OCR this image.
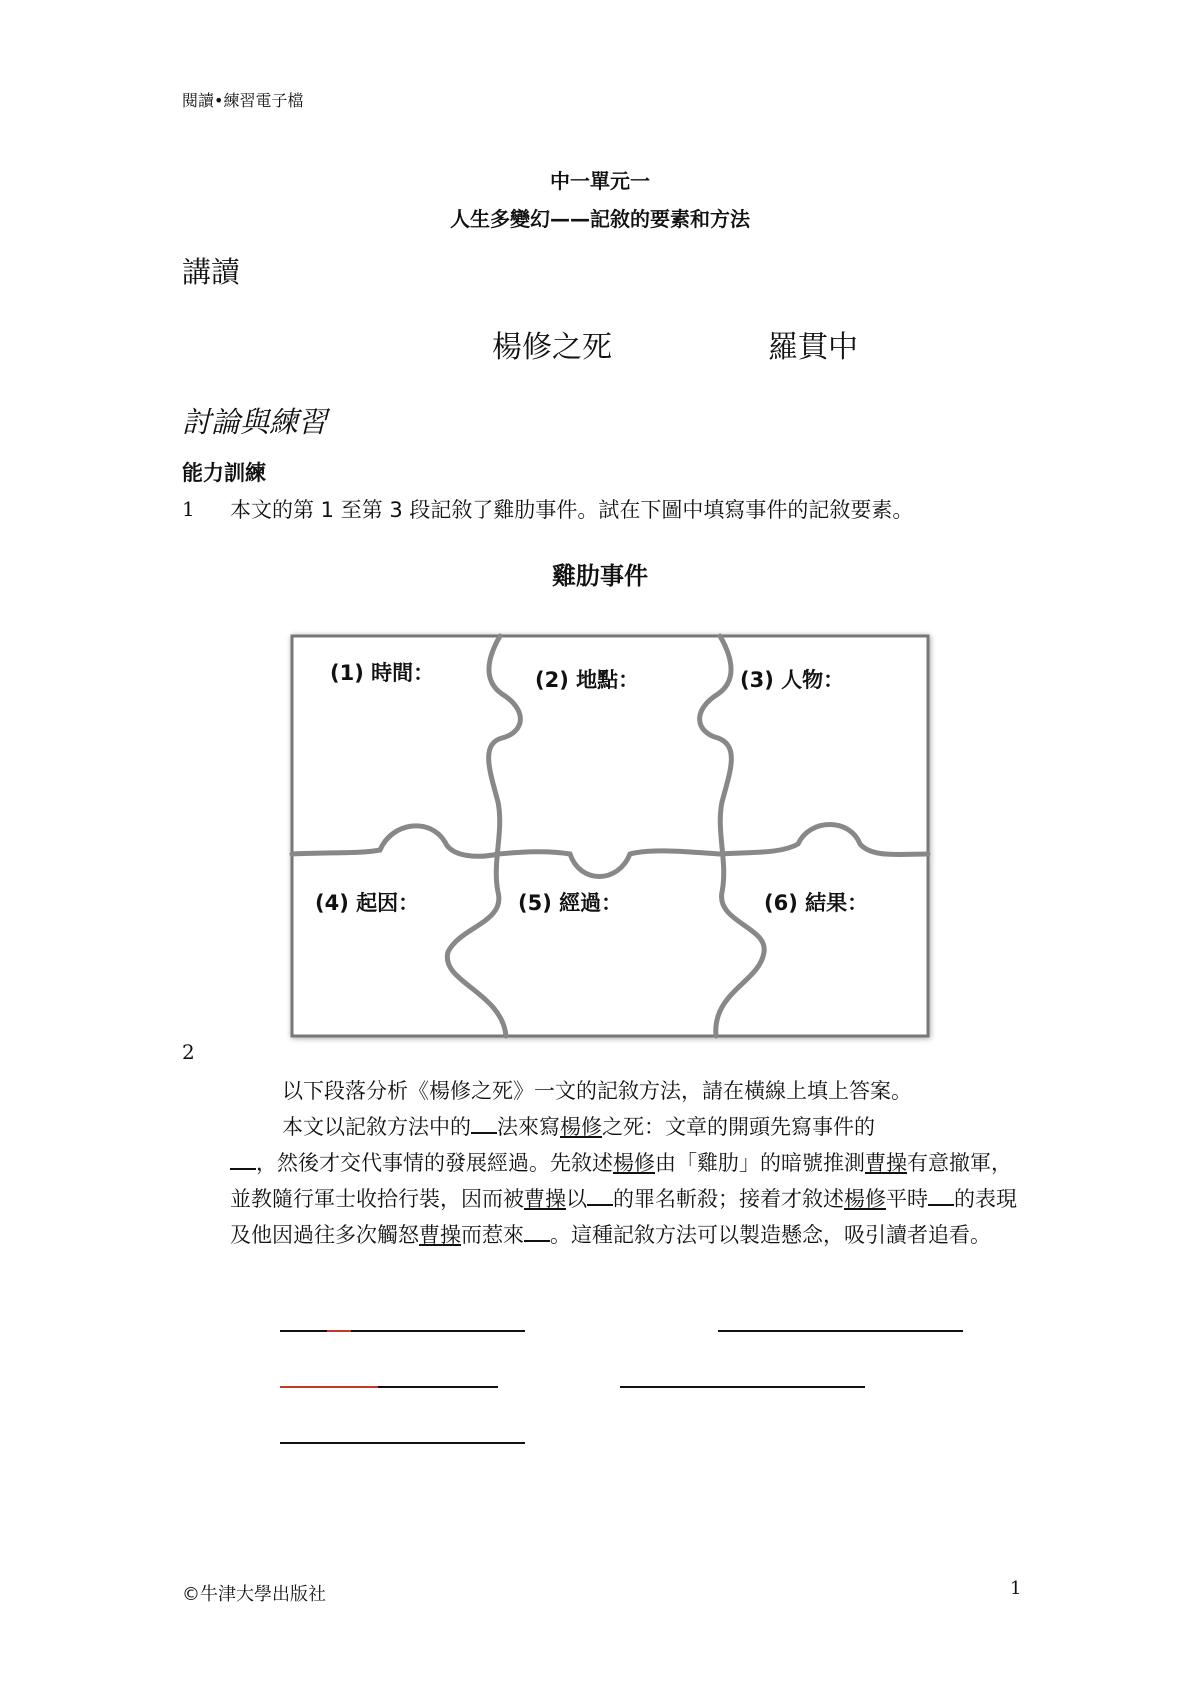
閱讀•練習電子檔
中一單元一
人生多變幻——記敘的要素和方法
講讀
楊修之死	羅貫中
討論與練習
能力訓練
1 本文的第 1 至第 3 段記敘了雞肋事件。試在下圖中填寫事件的記敘要素。
雞肋事件
(1) 時間：	(2) 地點：	(3) 人物：
(4) 起因：	(5) 經過：	(6) 結果：
2
以下段落分析《楊修之死》一文的記敘方法，請在橫線上填上答案。
本文以記敘方法中的 法來寫楊修之死：文章的開頭先寫事件的
，然後才交代事情的發展經過。先敘述楊修由「雞肋」的暗號推測曹操有意撤軍，並教隨行軍士收拾行裝，因而被曹操以 的罪名斬殺；接着才敘述楊修平時 的表現及他因過往多次觸怒曹操而惹來 。這種記敘方法可以製造懸念，吸引讀者追看。
©牛津大學出版社	1
